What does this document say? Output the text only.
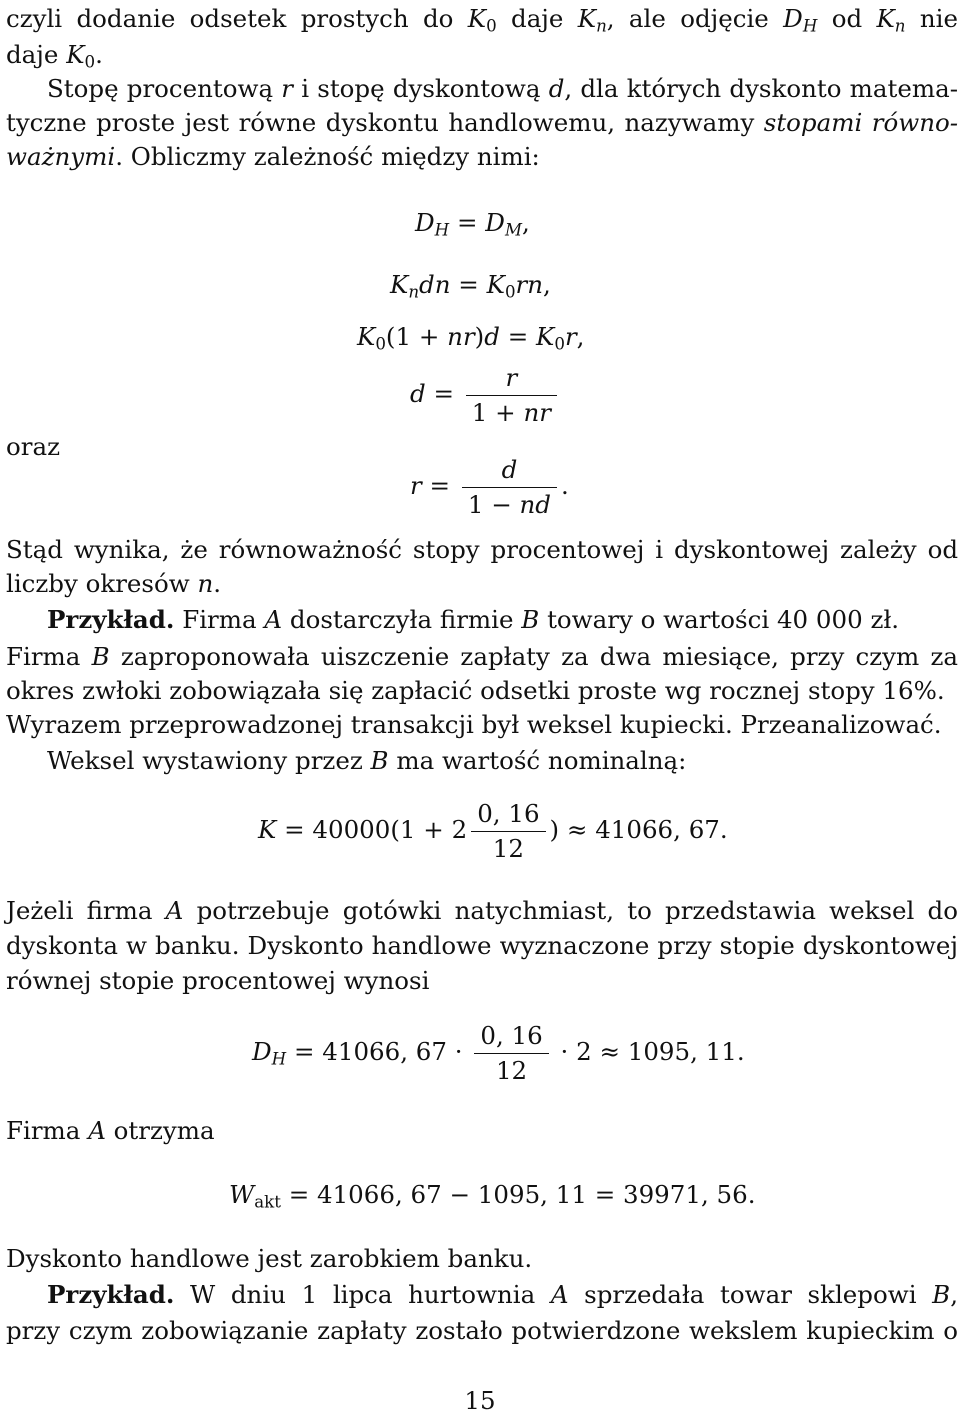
czyli dodanie odsetek prostych do $K_0$ daje Kn, ale odjęcie DH od Kn nie
daje $K_0$.
Stopę procentową r i stopę dyskontową d, dla których dyskonto matema-
tyczne proste jest równe dyskontu handlowemu, nazywamy stopami równo-
ważnymi. Obliczmy zależność między nimi:
DH = DM,
Kndn = $K_0rn$,
$K_0(1 + nr)d = K_0r$,
$d = \frac{r}{1 + nr}$
oraz
$r = \frac{d}{1 - nd}$ .
Stąd wynika, że równoważność stopy procentowej i dyskontowej zależy od
liczby okresów n.
Przykład. Firma A dostarczyła firmie B towary o wartości 40 000 zł.
Firma B zaproponowała uiszczenie zapłaty za dwa miesiące, przy czym za
okres zwłoki zobowiązała się zapłacić odsetki proste wg rocznej stopy 16%.
Wyrazem przeprowadzonej transakcji był weksel kupiecki. Przeanalizować.
Weksel wystawiony przez B ma wartość nominalną:
$K = 40000(1 + 2 \frac{0, 16}{12}$ ) ≈ 41066, 67.
Jeżeli firma A potrzebuje gotówki natychmiast, to przedstawia weksel do
dyskonta w banku. Dyskonto handlowe wyznaczone przy stopie dyskontowej
równej stopie procentowej wynosi
DH = 41066, $67 \cdot \frac{0, 16}{12} \cdot 2 \approx 1095$, 11.
Firma A otrzyma
$W_{akt} = 41066$, 67 − 1095, 11 = 39971, 56.
Dyskonto handlowe jest zarobkiem banku.
Przykład. W dniu 1 lipca hurtownia A sprzedała towar sklepowi B,
przy czym zobowiązanie zapłaty zostało potwierdzone wekslem kupieckim o
15
